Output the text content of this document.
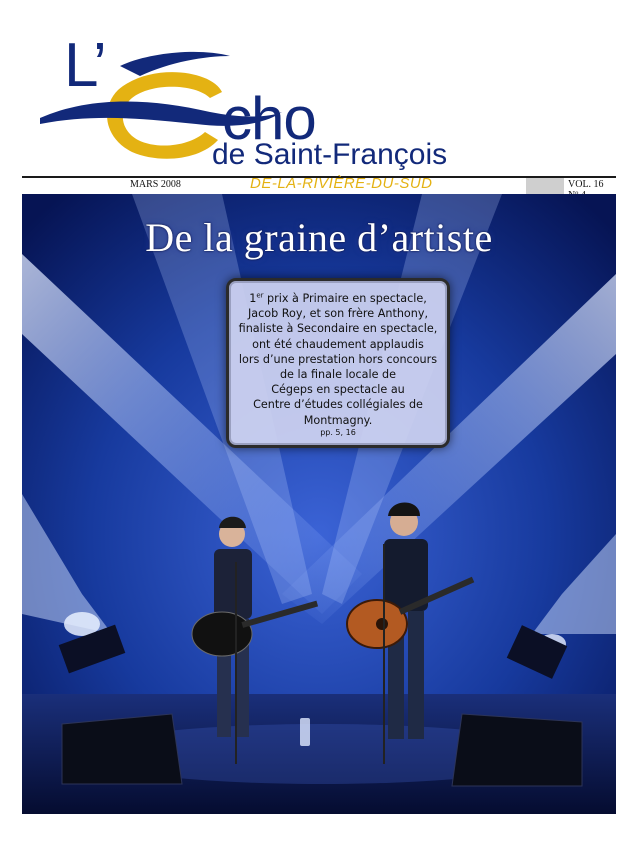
L’
cho
de Saint-François
MARS 2008	DE-LA-RIVIÈRE-DU-SUD	VOL. 16
De la graine d’artiste
1er prix à Primaire en spectacle,
Jacob Roy, et son frère Anthony,
finaliste à Secondaire en spectacle,
ont été chaudement applaudis
lors d’une prestation hors concours
de la finale locale de
Cégeps en spectacle au
Centre d’études collégiales de
Montmagny.
pp. 5, 16
